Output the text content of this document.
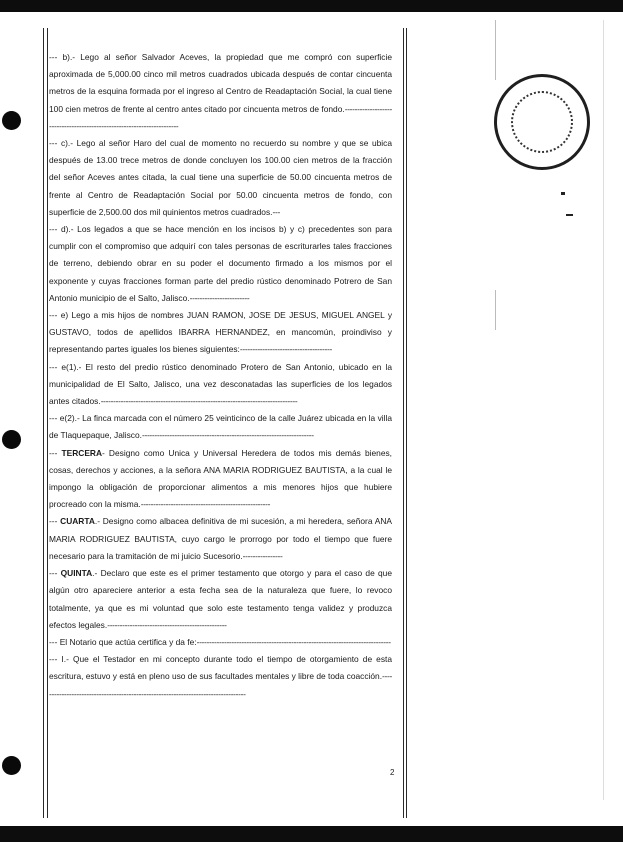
--- b).- Lego al señor Salvador Aceves, la propiedad que me compró con superficie aproximada de 5,000.00 cinco mil metros cuadrados ubicada después de contar cincuenta metros de la esquina formada por el ingreso al Centro de Readaptación Social, la cual tiene 100 cien metros de frente al centro antes citado por cincuenta metros de fondo.-----------------------------------------------------------------------

--- c).- Lego al señor Haro del cual de momento no recuerdo su nombre y que se ubica después de 13.00 trece metros de donde concluyen los 100.00 cien metros de la fracción del señor Aceves antes citada, la cual tiene una superficie de 50.00 cincuenta metros de frente al Centro de Readaptación Social por 50.00 cincuenta metros de fondo, con superficie de 2,500.00 dos mil quinientos metros cuadrados.---

--- d).- Los legados a que se hace mención en los incisos b) y c) precedentes son para cumplir con el compromiso que adquirí con tales personas de escriturarles tales fracciones de terreno, debiendo obrar en su poder el documento firmado a los mismos por el exponente y cuyas fracciones forman parte del predio rústico denominado Potrero de San Antonio municipio de el Salto, Jalisco.------------------------

--- e) Lego a mis hijos de nombres JUAN RAMON, JOSE DE JESUS, MIGUEL ANGEL y GUSTAVO, todos de apellidos IBARRA HERNANDEZ, en mancomún, proindiviso y representando partes iguales los bienes siguientes:-------------------------------------

--- e(1).- El resto del predio rústico denominado Protero de San Antonio, ubicado en la municipalidad de El Salto, Jalisco, una vez desconatadas las superficies de los legados antes citados.-------------------------------------------------------------------------------

--- e(2).- La finca marcada con el número 25 veinticinco de la calle Juárez ubicada en la villa de Tlaquepaque, Jalisco.---------------------------------------------------------------------

--- TERCERA- Designo como Unica y Universal Heredera de todos mis demás bienes, cosas, derechos y acciones, a la señora ANA MARIA RODRIGUEZ BAUTISTA, a la cual le impongo la obligación de proporcionar alimentos a mis menores hijos que hubiere procreado con la misma.----------------------------------------------------

--- CUARTA.- Designo como albacea definitiva de mi sucesión, a mi heredera, señora ANA MARIA RODRIGUEZ BAUTISTA, cuyo cargo le prorrogo por todo el tiempo que fuere necesario para la tramitación de mi juicio Sucesorio.----------------

--- QUINTA.- Declaro que este es el primer testamento que otorgo y para el caso de que algún otro apareciere anterior a esta fecha sea de la naturaleza que fuere, lo revoco totalmente, ya que es mi voluntad que solo este testamento tenga validez y produzca efectos legales.------------------------------------------------

--- El Notario que actúa certifica y da fe:------------------------------------------------------------------------------

--- I.- Que el Testador en mi concepto durante todo el tiempo de otorgamiento de esta escritura, estuvo y está en pleno uso de sus facultades mentales y libre de toda coacción.-----------------------------------------------------------------------------------

2
